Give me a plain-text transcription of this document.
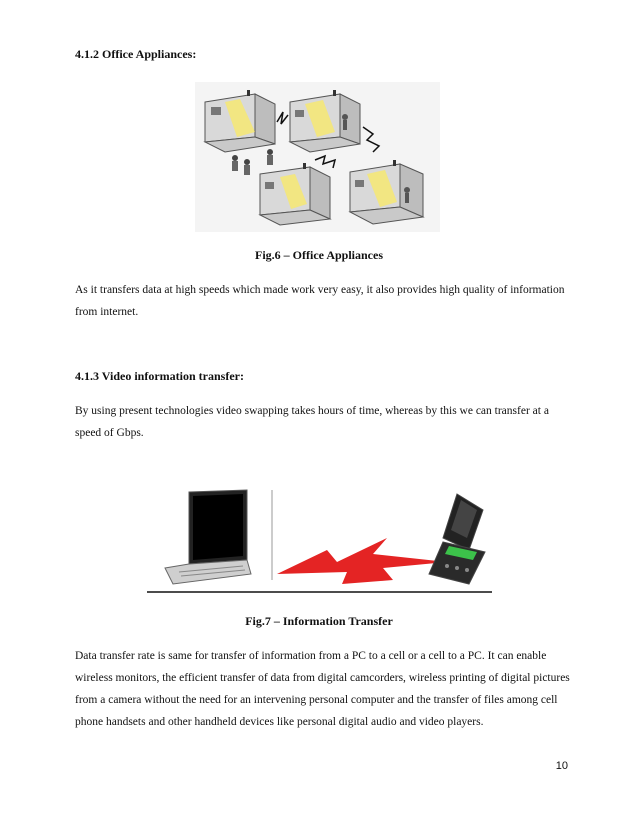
4.1.2 Office Appliances:
Fig.6 – Office Appliances
As it transfers data at high speeds which made work very easy, it also provides high quality of information from internet.
4.1.3 Video information transfer:
By using present technologies video swapping takes hours of time, whereas by this we can transfer at a speed of Gbps.
Fig.7 – Information Transfer
Data transfer rate is same for transfer of information from a PC to a cell or a cell to a PC. It can enable wireless monitors, the efficient transfer of data from digital camcorders, wireless printing of digital pictures from a camera without the need for an intervening personal computer and the transfer of files among cell phone handsets and other handheld devices like personal digital audio and video players.
10
